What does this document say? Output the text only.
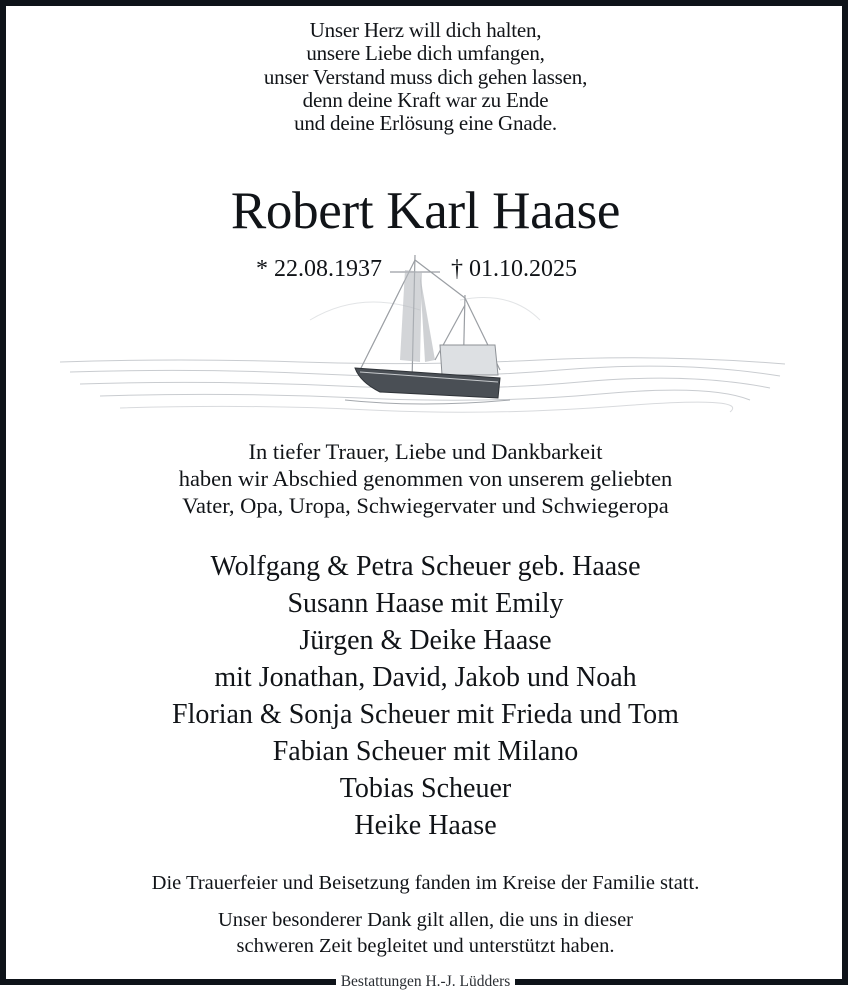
Unser Herz will dich halten,
unsere Liebe dich umfangen,
unser Verstand muss dich gehen lassen,
denn deine Kraft war zu Ende
und deine Erlösung eine Gnade.
Robert Karl Haase
* 22.08.1937	† 01.10.2025
In tiefer Trauer, Liebe und Dankbarkeit
haben wir Abschied genommen von unserem geliebten
Vater, Opa, Uropa, Schwiegervater und Schwiegeropa
Wolfgang & Petra Scheuer geb. Haase
Susann Haase mit Emily
Jürgen & Deike Haase
mit Jonathan, David, Jakob und Noah
Florian & Sonja Scheuer mit Frieda und Tom
Fabian Scheuer mit Milano
Tobias Scheuer
Heike Haase
Die Trauerfeier und Beisetzung fanden im Kreise der Familie statt.
Unser besonderer Dank gilt allen, die uns in dieser
schweren Zeit begleitet und unterstützt haben.
Bestattungen H.-J. Lüdders
